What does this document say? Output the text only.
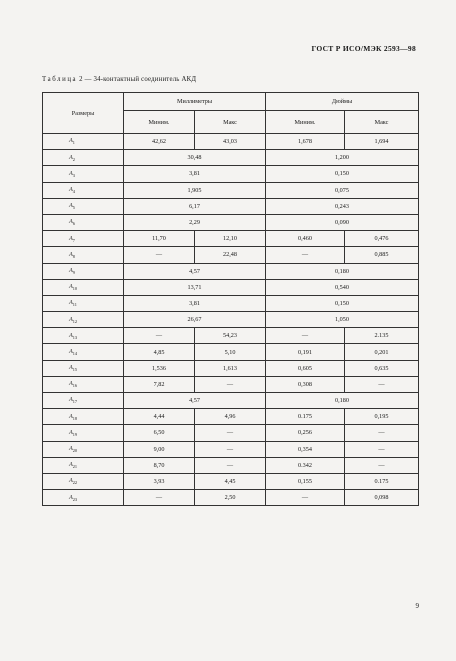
ГОСТ Р ИСО/МЭК 2593—98
Таблица 2 — 34-контактный соединитель АКД
Размеры	Миллиметры		Дюймы	
	Миним.	Макс	Миним.	Макс
$A_1$	42,62	43,03	1,678	1,694
$A_2$	30,48		1,200	
$A_3$	3,81		0,150	
$A_4$	1,905		0,075	
$A_5$	6,17		0,243	
$A_6$	2,29		0,090	
$A_7$	11,70	12,10	0,460	0,476
$A_8$	—	22,48	—	0,885
$A_9$	4,57		0,180	
$A_{10}$	13,71		0,540	
$A_{11}$	3,81		0,150	
$A_{12}$	26,67		1,050	
$A_{13}$	—	54,23	—	2.135
$A_{14}$	4,85	5,10	0,191	0,201
$A_{15}$	1,536	1,613	0,605	0,635
$A_{16}$	7,82	—	0,308	—
$A_{17}$	4,57		0,180	
$A_{18}$	4,44	4,96	0.175	0,195
$A_{19}$	6,50	—	0,256	—
$A_{20}$	9,00	—	0,354	—
$A_{21}$	8,70	—	0.342	—
$A_{22}$	3,93	4,45	0,155	0.175
$A_{23}$	—	2,50	—	0,098
9
